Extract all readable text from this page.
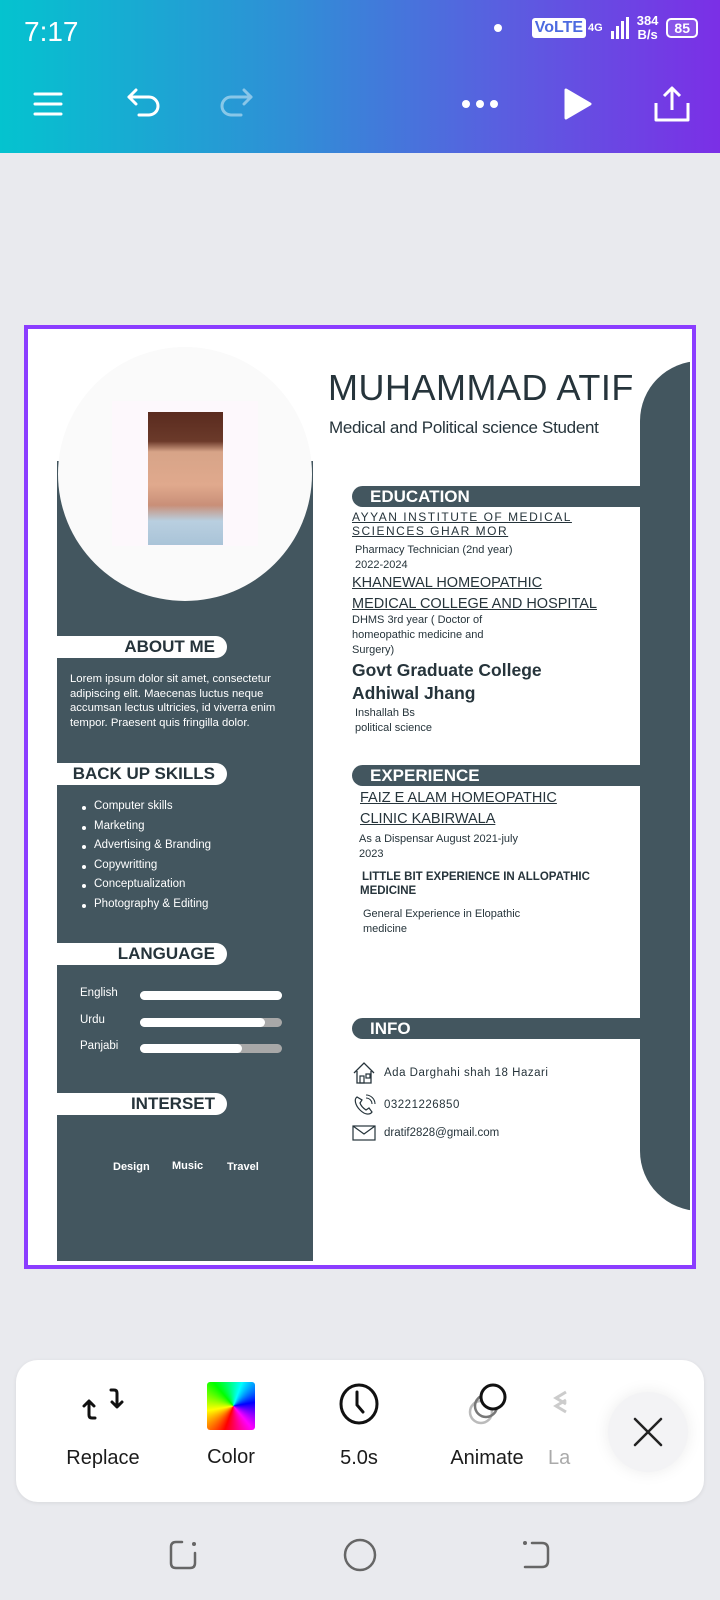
7:17	VoLTE 4G	384
B/s	85
MUHAMMAD ATIF
Medical and Political science Student
ABOUT ME
Lorem ipsum dolor sit amet, consectetur adipiscing elit. Maecenas luctus neque accumsan lectus ultricies, id viverra enim tempor. Praesent quis fringilla dolor.
BACK UP SKILLS
Computer skills
Marketing
Advertising & Branding
Copywritting
Conceptualization
Photography & Editing
LANGUAGE
English
Urdu
Panjabi
INTERSET
Design Music Travel
EDUCATION
AYYAN INSTITUTE OF MEDICAL SCIENCES GHAR MOR
Pharmacy Technician (2nd year)
2022-2024
KHANEWAL HOMEOPATHIC
MEDICAL COLLEGE AND HOSPITAL
DHMS 3rd year ( Doctor of
homeopathic medicine and
Surgery)
Govt Graduate College
Adhiwal Jhang
Inshallah Bs
political science
EXPERIENCE
FAIZ E ALAM HOMEOPATHIC
CLINIC KABIRWALA
As a Dispensar August 2021-july
2023
LITTLE BIT EXPERIENCE IN ALLOPATHIC
MEDICINE
General Experience in Elopathic
medicine
INFO
Ada Darghahi shah 18 Hazari
03221226850
dratif2828@gmail.com
Replace	Color	5.0s	Animate	La
